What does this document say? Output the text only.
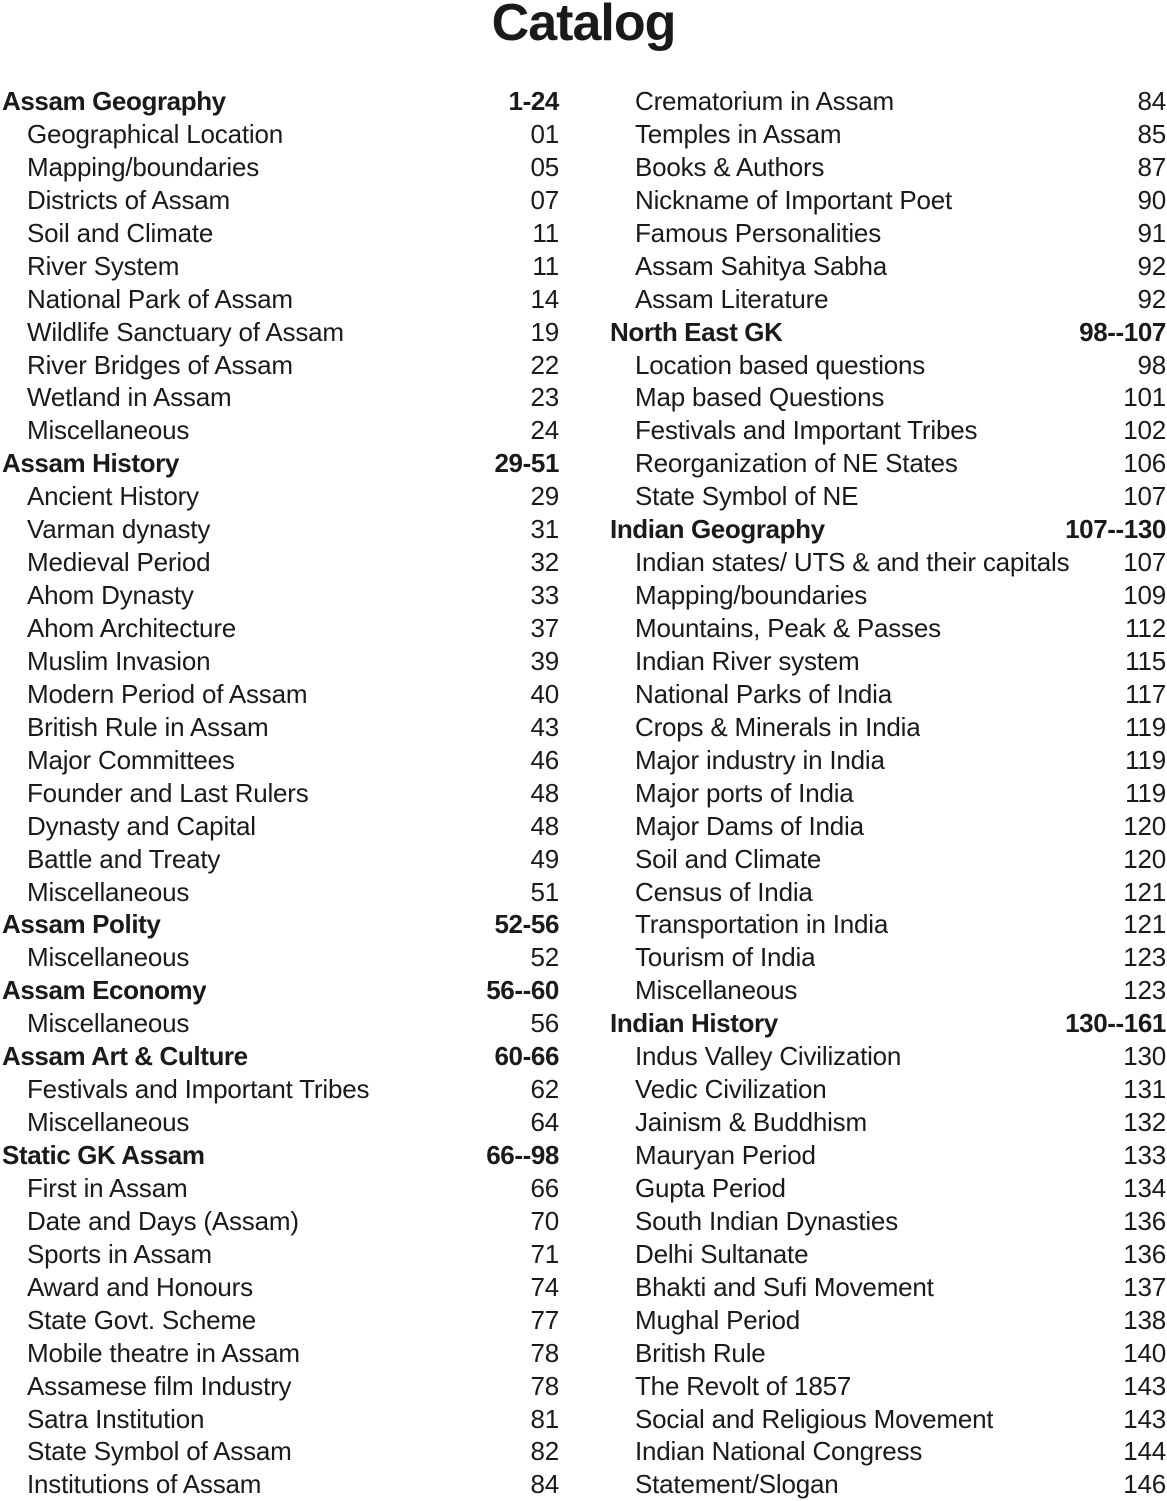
Catalog
Assam Geography	1-24
Geographical Location	01
Mapping/boundaries	05
Districts of Assam	07
Soil and Climate	11
River System	11
National Park of Assam	14
Wildlife Sanctuary of Assam	19
River Bridges of Assam	22
Wetland in Assam	23
Miscellaneous	24
Assam History	29-51
Ancient History	29
Varman dynasty	31
Medieval Period	32
Ahom Dynasty	33
Ahom Architecture	37
Muslim Invasion	39
Modern Period of Assam	40
British Rule in Assam	43
Major Committees	46
Founder and Last Rulers	48
Dynasty and Capital	48
Battle and Treaty	49
Miscellaneous	51
Assam Polity	52-56
Miscellaneous	52
Assam Economy	56--60
Miscellaneous	56
Assam Art & Culture	60-66
Festivals and Important Tribes	62
Miscellaneous	64
Static GK Assam	66--98
First in Assam	66
Date and Days (Assam)	70
Sports in Assam	71
Award and Honours	74
State Govt. Scheme	77
Mobile theatre in Assam	78
Assamese film Industry	78
Satra Institution	81
State Symbol of Assam	82
Institutions of Assam	84
Crematorium in Assam	84
Temples in Assam	85
Books & Authors	87
Nickname of Important Poet	90
Famous Personalities	91
Assam Sahitya Sabha	92
Assam Literature	92
North East GK	98--107
Location based questions	98
Map based Questions	101
Festivals and Important Tribes	102
Reorganization of NE States	106
State Symbol of NE	107
Indian Geography	107--130
Indian states/ UTS & and their capitals 107
Mapping/boundaries	109
Mountains, Peak & Passes	112
Indian River system	115
National Parks of India	117
Crops & Minerals in India	119
Major industry in India	119
Major ports of India	119
Major Dams of India	120
Soil and Climate	120
Census of India	121
Transportation in India	121
Tourism of India	123
Miscellaneous	123
Indian History	130--161
Indus Valley Civilization	130
Vedic Civilization	131
Jainism & Buddhism	132
Mauryan Period	133
Gupta Period	134
South Indian Dynasties	136
Delhi Sultanate	136
Bhakti and Sufi Movement	137
Mughal Period	138
British Rule	140
The Revolt of 1857	143
Social and Religious Movement	143
Indian National Congress	144
Statement/Slogan	146
